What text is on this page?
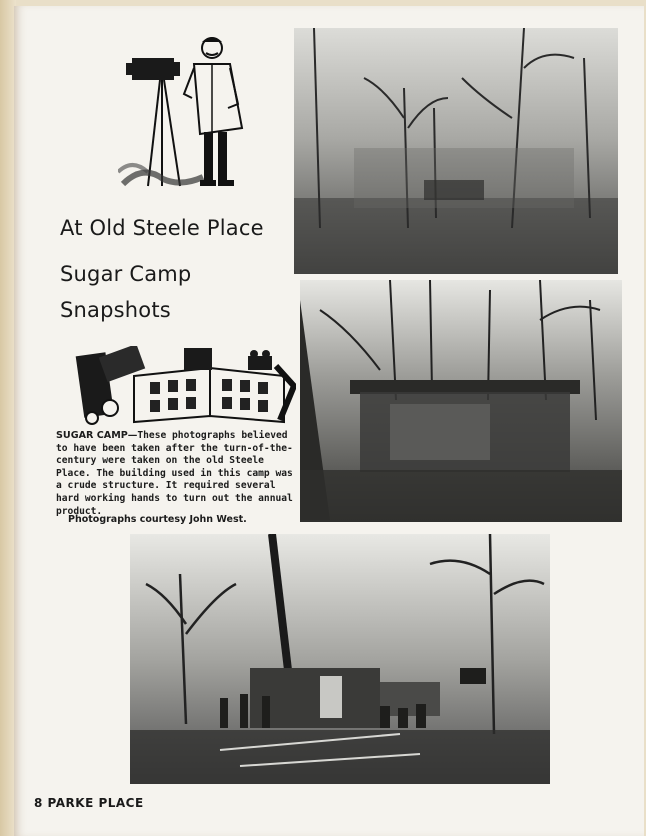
At Old Steele Place
Sugar Camp
Snapshots
SUGAR CAMP—These photographs believed to have been taken after the turn-of-the-century were taken on the old Steele Place. The building used in this camp was a crude structure. It required several hard working hands to turn out the annual product.
Photographs courtesy John West.
8 PARKE PLACE
